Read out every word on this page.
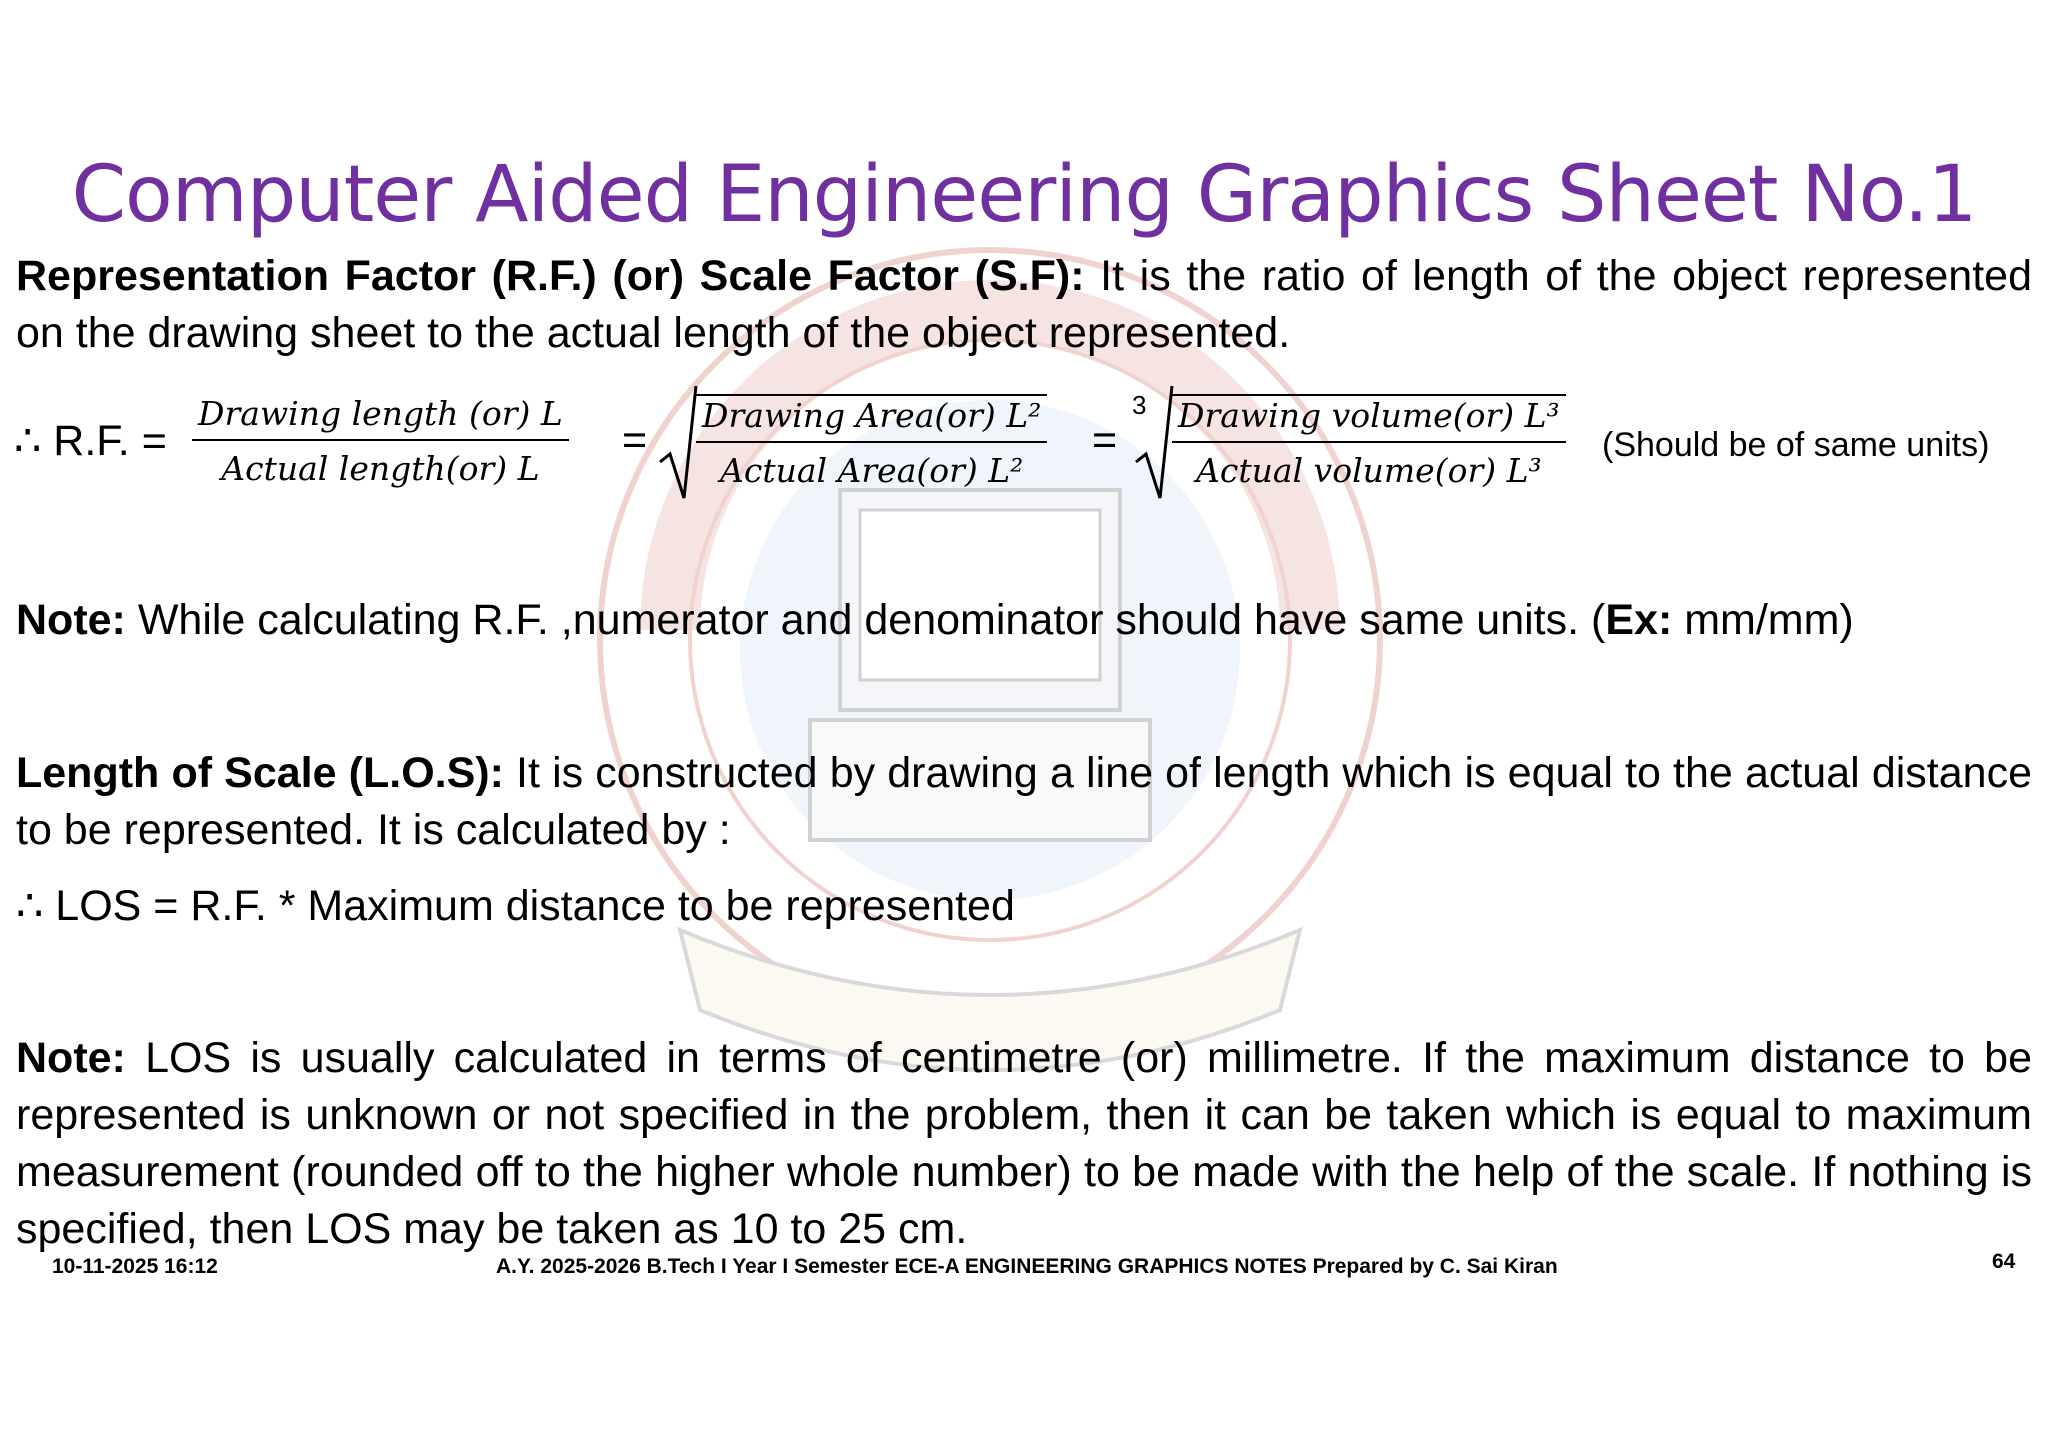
Computer Aided Engineering Graphics Sheet No.1
Representation Factor (R.F.) (or) Scale Factor (S.F): It is the ratio of length of the object represented on the drawing sheet to the actual length of the object represented.
∴ R.F. =
Drawing length (or) L
Actual length(or) L
=
Drawing Area(or) L²
Actual Area(or) L²
=
3 Drawing volume(or) L³
Actual volume(or) L³
(Should be of same units)
Note: While calculating R.F. ,numerator and denominator should have same units. (Ex: mm/mm)
Length of Scale (L.O.S): It is constructed by drawing a line of length which is equal to the actual distance to be represented. It is calculated by :
∴ LOS = R.F. * Maximum distance to be represented
Note: LOS is usually calculated in terms of centimetre (or) millimetre. If the maximum distance to be represented is unknown or not specified in the problem, then it can be taken which is equal to maximum measurement (rounded off to the higher whole number) to be made with the help of the scale. If nothing is specified, then LOS may be taken as 10 to 25 cm.
10-11-2025 16:12	A.Y. 2025-2026 B.Tech I Year I Semester ECE-A ENGINEERING GRAPHICS NOTES Prepared by C. Sai Kiran	64
